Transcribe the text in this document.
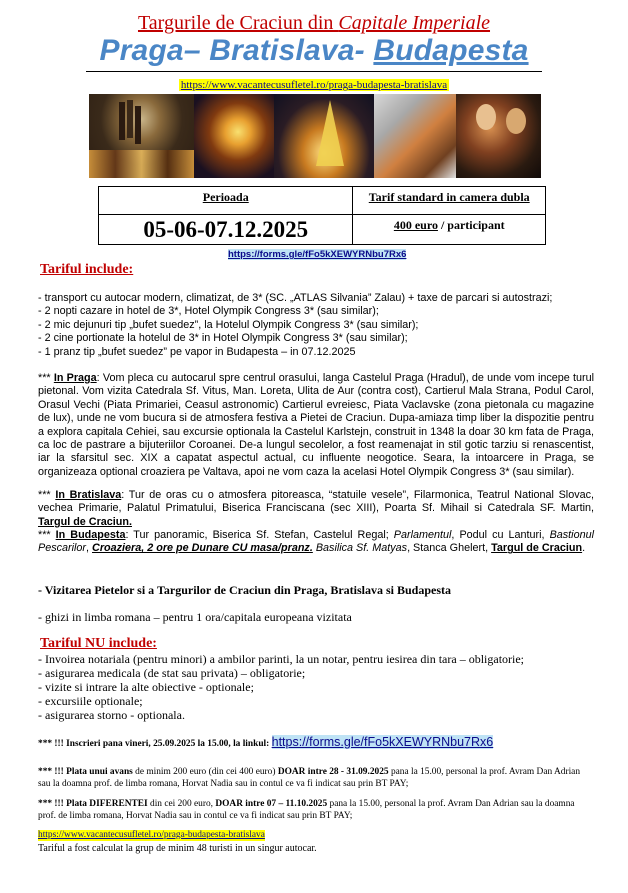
Targurile de Craciun din Capitale Imperiale
Praga– Bratislava- Budapesta
https://www.vacantecusufletel.ro/praga-budapesta-bratislava
Perioada	Tarif standard in camera dubla
05-06-07.12.2025	400 euro / participant
https://forms.gle/fFo5kXEWYRNbu7Rx6
Tariful include:
- transport cu autocar modern, climatizat, de 3* (SC. „ATLAS Silvania” Zalau) + taxe de parcari si autostrazi;
- 2 nopti cazare in hotel de 3*, Hotel Olympik Congress 3* (sau similar);
- 2 mic dejunuri tip „bufet suedez”, la Hotelul Olympik Congress 3* (sau similar);
- 2 cine portionate la hotelul de 3* in Hotel Olympik Congress 3* (sau similar);
- 1 pranz tip „bufet suedez” pe vapor in Budapesta – in 07.12.2025
*** In Praga: Vom pleca cu autocarul spre centrul orasului, langa Castelul Praga (Hradul), de unde vom incepe turul pietonal. Vom vizita Catedrala Sf. Vitus, Man. Loreta, Ulita de Aur (contra cost), Cartierul Mala Strana, Podul Carol, Orasul Vechi (Piata Primariei, Ceasul astronomic) Cartierul evreiesc, Piata Vaclavske (zona pietonala cu magazine de lux), unde ne vom bucura si de atmosfera festiva a Pietei de Craciun. Dupa-amiaza timp liber la dispozitie pentru a explora capitala Cehiei, sau excursie optionala la Castelul Karlstejn, construit in 1348 la doar 30 km fata de Praga, ca loc de pastrare a bijuteriilor Coroanei. De-a lungul secolelor, a fost reamenajat in stil gotic tarziu si renascentist, iar la sfarsitul sec. XIX a capatat aspectul actual, cu influente neogotice. Seara, la intoarcere in Praga, se organizeaza optional croaziera pe Valtava, apoi ne vom caza la acelasi Hotel Olympik Congress 3* (sau similar).
*** In Bratislava: Tur de oras cu o atmosfera pitoreasca, “statuile vesele”, Filarmonica, Teatrul National Slovac, vechea Primarie, Palatul Primatului, Biserica Franciscana (sec XIII), Poarta Sf. Mihail si Catedrala SF. Martin, Targul de Craciun.
*** In Budapesta: Tur panoramic, Biserica Sf. Stefan, Castelul Regal; Parlamentul, Podul cu Lanturi, Bastionul Pescarilor, Croaziera, 2 ore pe Dunare CU masa/pranz. Basilica Sf. Matyas, Stanca Ghelert, Targul de Craciun.
- Vizitarea Pietelor si a Targurilor de Craciun din Praga, Bratislava si Budapesta
- ghizi in limba romana – pentru 1 ora/capitala europeana vizitata
Tariful NU include:
- Invoirea notariala (pentru minori) a ambilor parinti, la un notar, pentru iesirea din tara – obligatorie;
- asigurarea medicala (de stat sau privata) – obligatorie;
- vizite si intrare la alte obiective - optionale;
- excursiile optionale;
- asigurarea storno - optionala.
*** !!! Inscrieri pana vineri, 25.09.2025 la 15.00, la linkul: https://forms.gle/fFo5kXEWYRNbu7Rx6
*** !!! Plata unui avans de minim 200 euro (din cei 400 euro) DOAR intre 28 - 31.09.2025 pana la 15.00, personal la prof. Avram Dan Adrian sau la doamna prof. de limba romana, Horvat Nadia sau in contul ce va fi indicat sau prin BT PAY;
*** !!! Plata DIFERENTEI din cei 200 euro, DOAR intre 07 – 11.10.2025 pana la 15.00, personal la prof. Avram Dan Adrian sau la doamna prof. de limba romana, Horvat Nadia sau in contul ce va fi indicat sau prin BT PAY;
https://www.vacantecusufletel.ro/praga-budapesta-bratislava
Tariful a fost calculat la grup de minim 48 turisti in un singur autocar.
